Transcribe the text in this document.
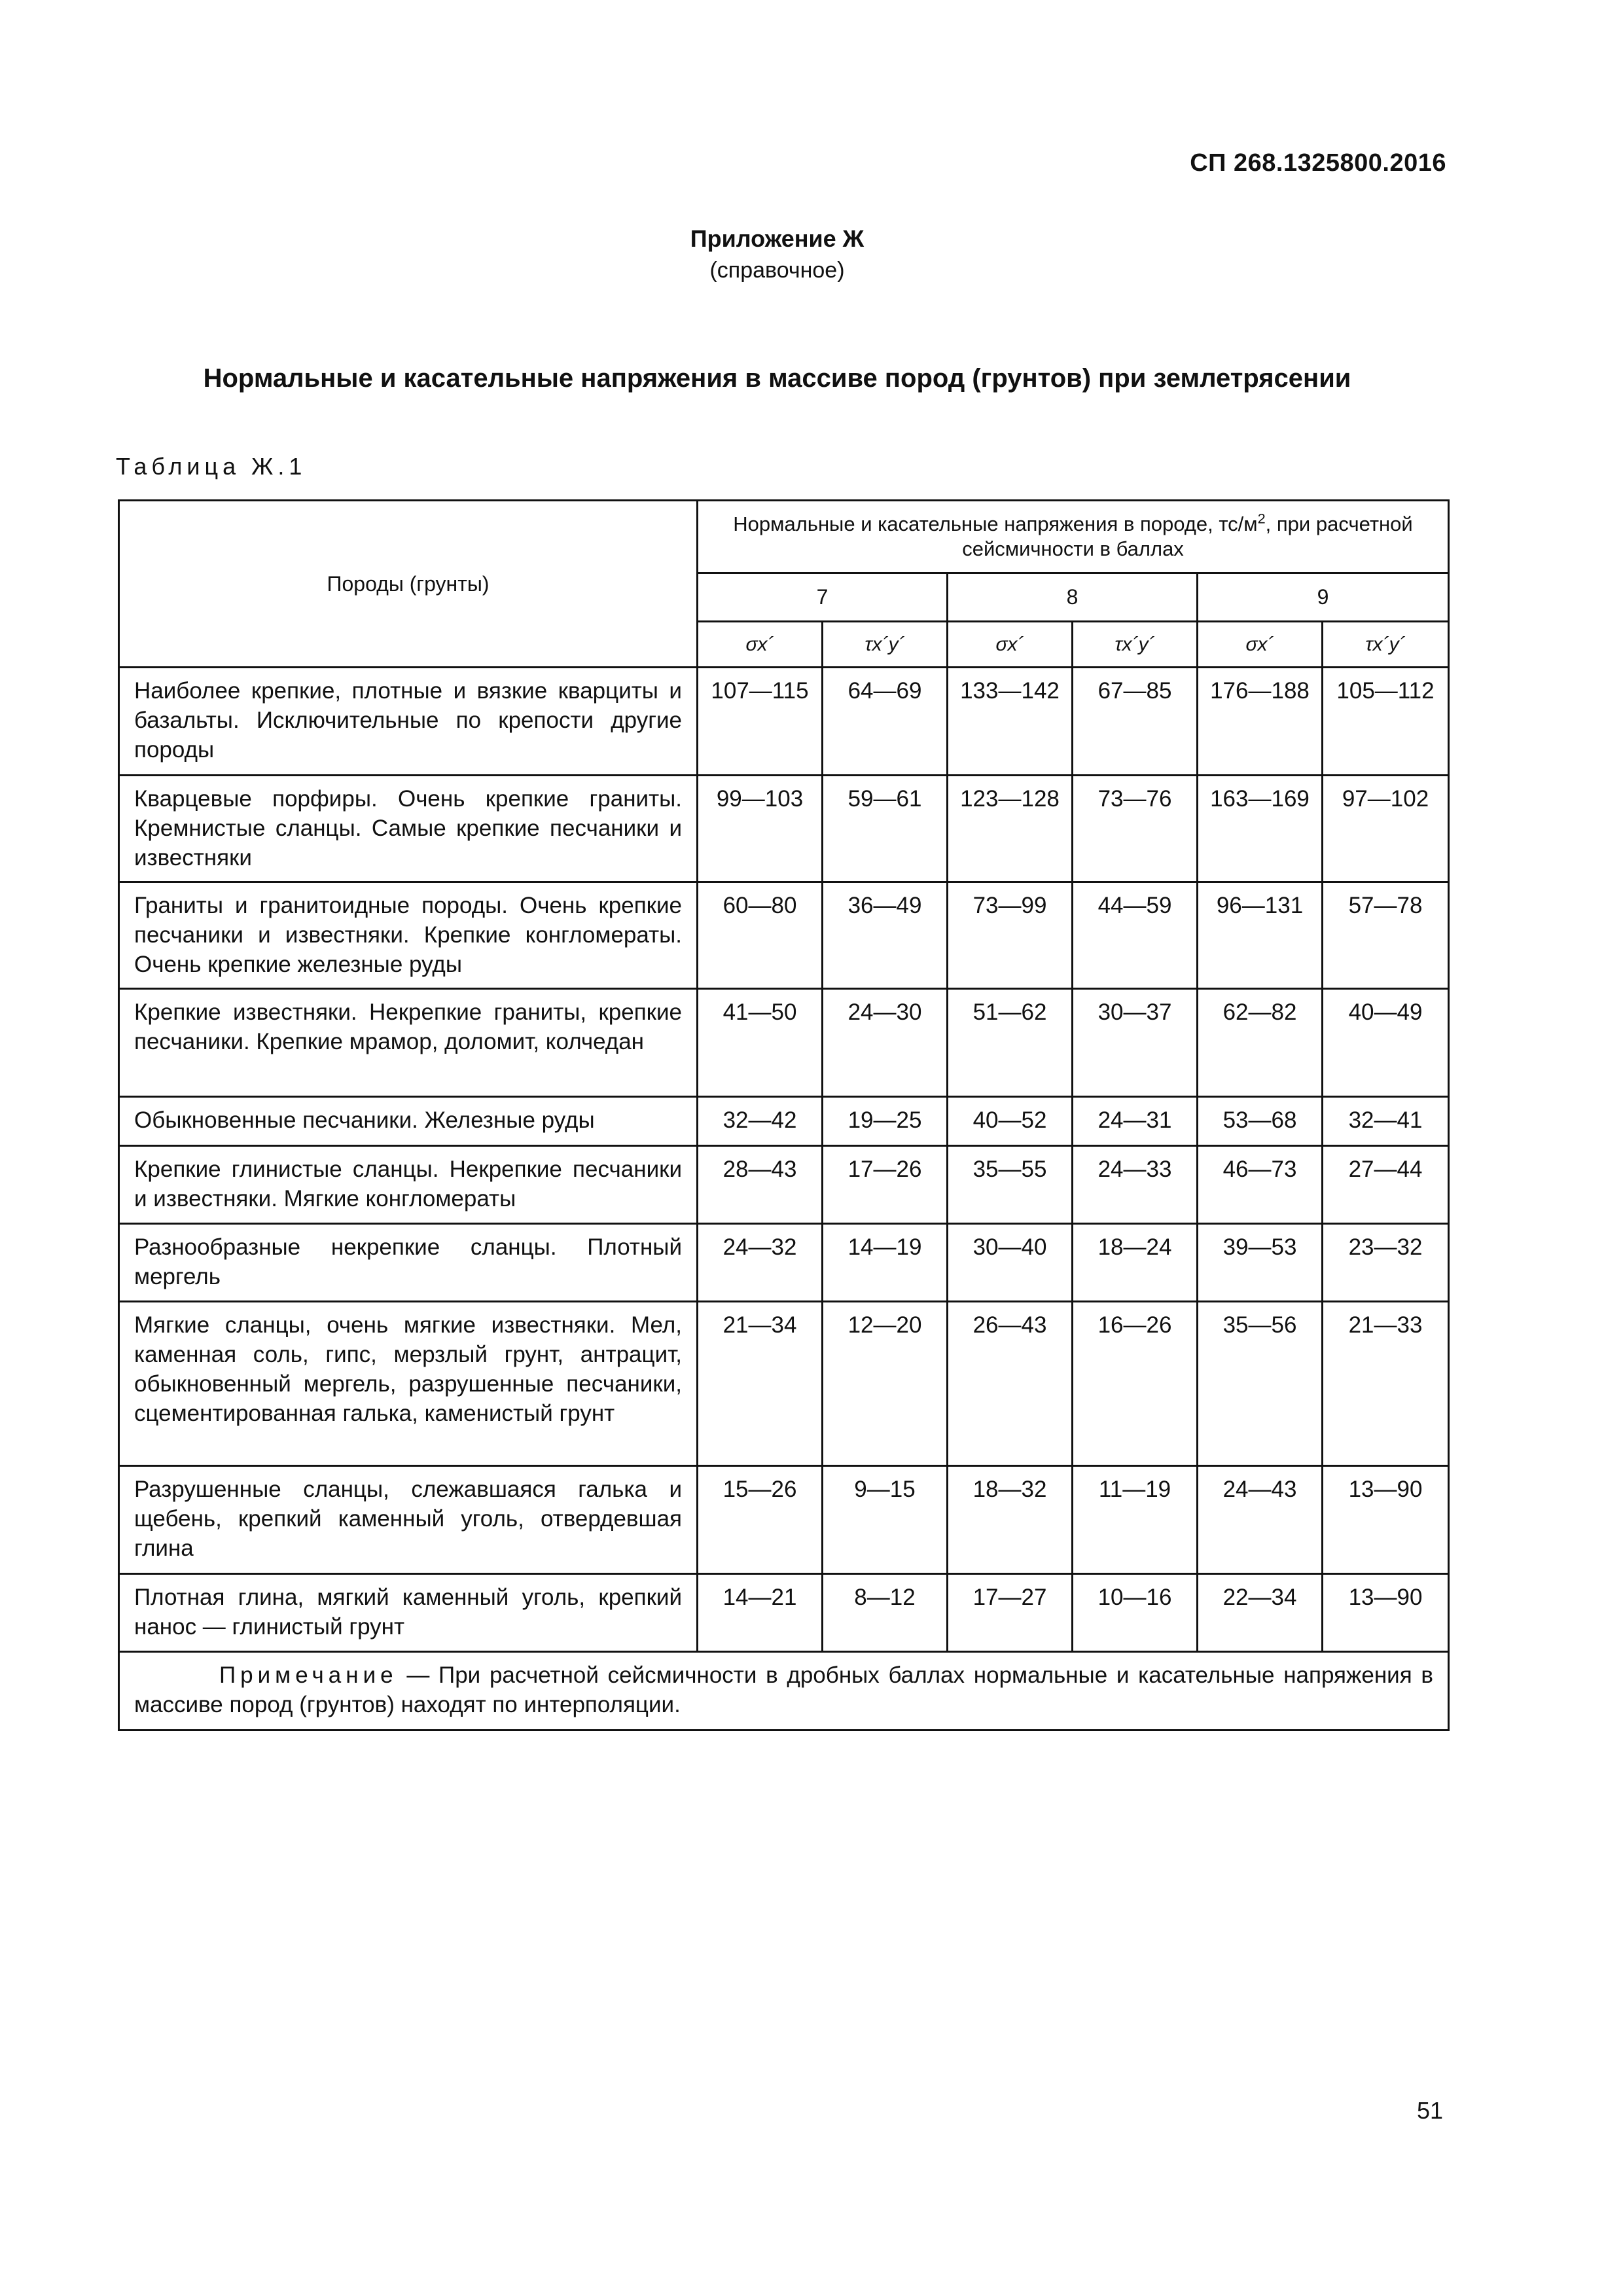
СП 268.1325800.2016
Приложение Ж
(справочное)
Нормальные и касательные напряжения в массиве пород (грунтов) при землетрясении
Таблица Ж.1
Породы (грунты)	Нормальные и касательные напряжения в породе, $тс/м^2$, при расчетной сейсмичности в баллах					
	7		8		9	
	σx´	τx´y´	σx´	τx´y´	σx´	τx´y´
Наиболее крепкие, плотные и вязкие кварциты и базальты. Исключительные по крепости другие породы	107—115	64—69	133—142	67—85	176—188	105—112
Кварцевые порфиры. Очень крепкие граниты. Кремнистые сланцы. Самые крепкие песчаники и известняки	99—103	59—61	123—128	73—76	163—169	97—102
Граниты и гранитоидные породы. Очень крепкие песчаники и известняки. Крепкие конгломераты. Очень крепкие железные руды	60—80	36—49	73—99	44—59	96—131	57—78
Крепкие известняки. Некрепкие граниты, крепкие песчаники. Крепкие мрамор, доломит, колчедан	41—50	24—30	51—62	30—37	62—82	40—49
Обыкновенные песчаники. Железные руды	32—42	19—25	40—52	24—31	53—68	32—41
Крепкие глинистые сланцы. Некрепкие песчаники и известняки. Мягкие конгломераты	28—43	17—26	35—55	24—33	46—73	27—44
Разнообразные некрепкие сланцы. Плотный мергель	24—32	14—19	30—40	18—24	39—53	23—32
Мягкие сланцы, очень мягкие известняки. Мел, каменная соль, гипс, мерзлый грунт, антрацит, обыкновенный мергель, разрушенные песчаники, сцементированная галька, каменистый грунт	21—34	12—20	26—43	16—26	35—56	21—33
Разрушенные сланцы, слежавшаяся галька и щебень, крепкий каменный уголь, отвердевшая глина	15—26	9—15	18—32	11—19	24—43	13—90
Плотная глина, мягкий каменный уголь, крепкий нанос — глинистый грунт	14—21	8—12	17—27	10—16	22—34	13—90
Примечание — При расчетной сейсмичности в дробных баллах нормальные и касательные напряжения в массиве пород (грунтов) находят по интерполяции.						
51
